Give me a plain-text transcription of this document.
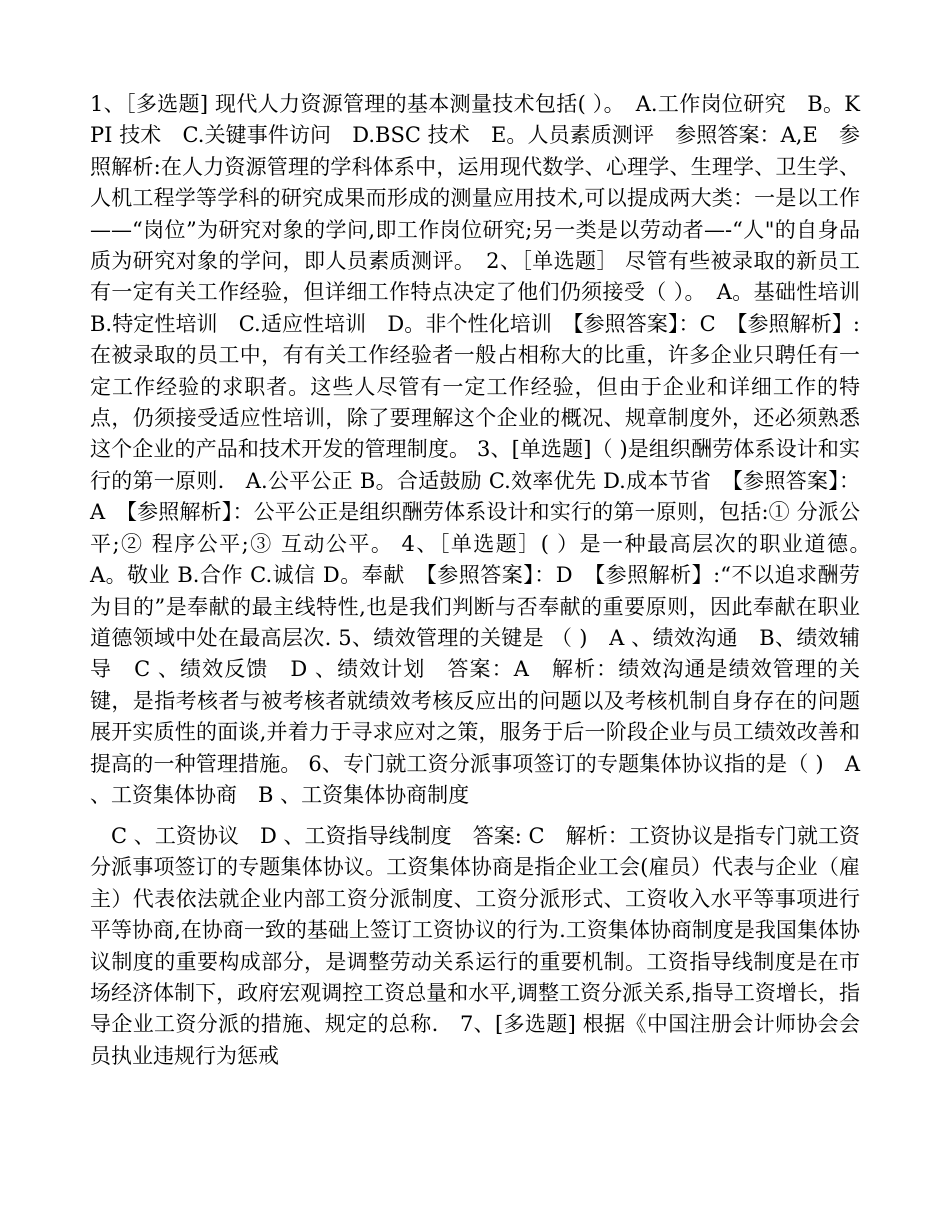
1、［多选题] 现代人力资源管理的基本测量技术包括( ）。　A.工作岗位研究　B。KPI 技术　C.关键事件访问　D.BSC 技术　E。人员素质测评　参照答案：A,E　参照解析:在人力资源管理的学科体系中，运用现代数学、心理学、生理学、卫生学、人机工程学等学科的研究成果而形成的测量应用技术,可以提成两大类：一是以工作——“岗位”为研究对象的学问,即工作岗位研究;另一类是以劳动者—-“人"的自身品质为研究对象的学问，即人员素质测评。　2、［单选题］ 尽管有些被录取的新员工有一定有关工作经验，但详细工作特点决定了他们仍须接受（ ）。　A。基础性培训　B.特定性培训　C.适应性培训　D。非个性化培训　【参照答案】：C　【参照解析】:在被录取的员工中，有有关工作经验者一般占相称大的比重，许多企业只聘任有一定工作经验的求职者。这些人尽管有一定工作经验，但由于企业和详细工作的特点，仍须接受适应性培训，除了要理解这个企业的概况、规章制度外，还必须熟悉这个企业的产品和技术开发的管理制度。 3、[单选题]（ )是组织酬劳体系设计和实行的第一原则.　A.公平公正 B。合适鼓励 C.效率优先 D.成本节省　【参照答案】：A　【参照解析】：公平公正是组织酬劳体系设计和实行的第一原则，包括:① 分派公平;② 程序公平;③ 互动公平。 4、［单选题］( ）是一种最高层次的职业道德。　A。敬业 B.合作 C.诚信 D。奉献　【参照答案】：D　【参照解析】:“不以追求酬劳为目的”是奉献的最主线特性,也是我们判断与否奉献的重要原则，因此奉献在职业道德领域中处在最高层次. 5、绩效管理的关键是 （ )　A 、绩效沟通　B、绩效辅导　C 、绩效反馈　D 、绩效计划　答案：A　解析：绩效沟通是绩效管理的关键，是指考核者与被考核者就绩效考核反应出的问题以及考核机制自身存在的问题展开实质性的面谈,并着力于寻求应对之策，服务于后一阶段企业与员工绩效改善和提高的一种管理措施。 6、专门就工资分派事项签订的专题集体协议指的是（ )　A 、工资集体协商　B 、工资集体协商制度

　C 、工资协议　D 、工资指导线制度　答案: C　解析：工资协议是指专门就工资分派事项签订的专题集体协议。工资集体协商是指企业工会(雇员）代表与企业（雇主）代表依法就企业内部工资分派制度、工资分派形式、工资收入水平等事项进行平等协商,在协商一致的基础上签订工资协议的行为.工资集体协商制度是我国集体协议制度的重要构成部分，是调整劳动关系运行的重要机制。工资指导线制度是在市场经济体制下，政府宏观调控工资总量和水平,调整工资分派关系,指导工资增长，指导企业工资分派的措施、规定的总称.　7、[多选题] 根据《中国注册会计师协会会员执业违规行为惩戒
